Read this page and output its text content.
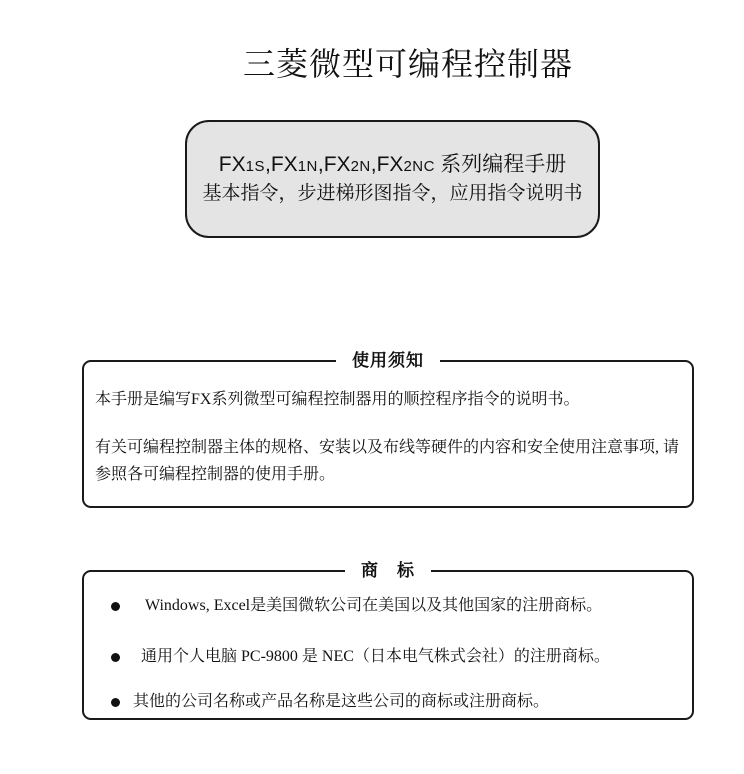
三菱微型可编程控制器
FX1S,FX1N,FX2N,FX2NC 系列编程手册
基本指令，步进梯形图指令，应用指令说明书
使用须知

本手册是编写FX系列微型可编程控制器用的顺控程序指令的说明书。

有关可编程控制器主体的规格、安装以及布线等硬件的内容和安全使用注意事项, 请参照各可编程控制器的使用手册。

商　标
Windows, Excel是美国微软公司在美国以及其他国家的注册商标。
通用个人电脑 PC-9800 是 NEC（日本电气株式会社）的注册商标。
其他的公司名称或产品名称是这些公司的商标或注册商标。
